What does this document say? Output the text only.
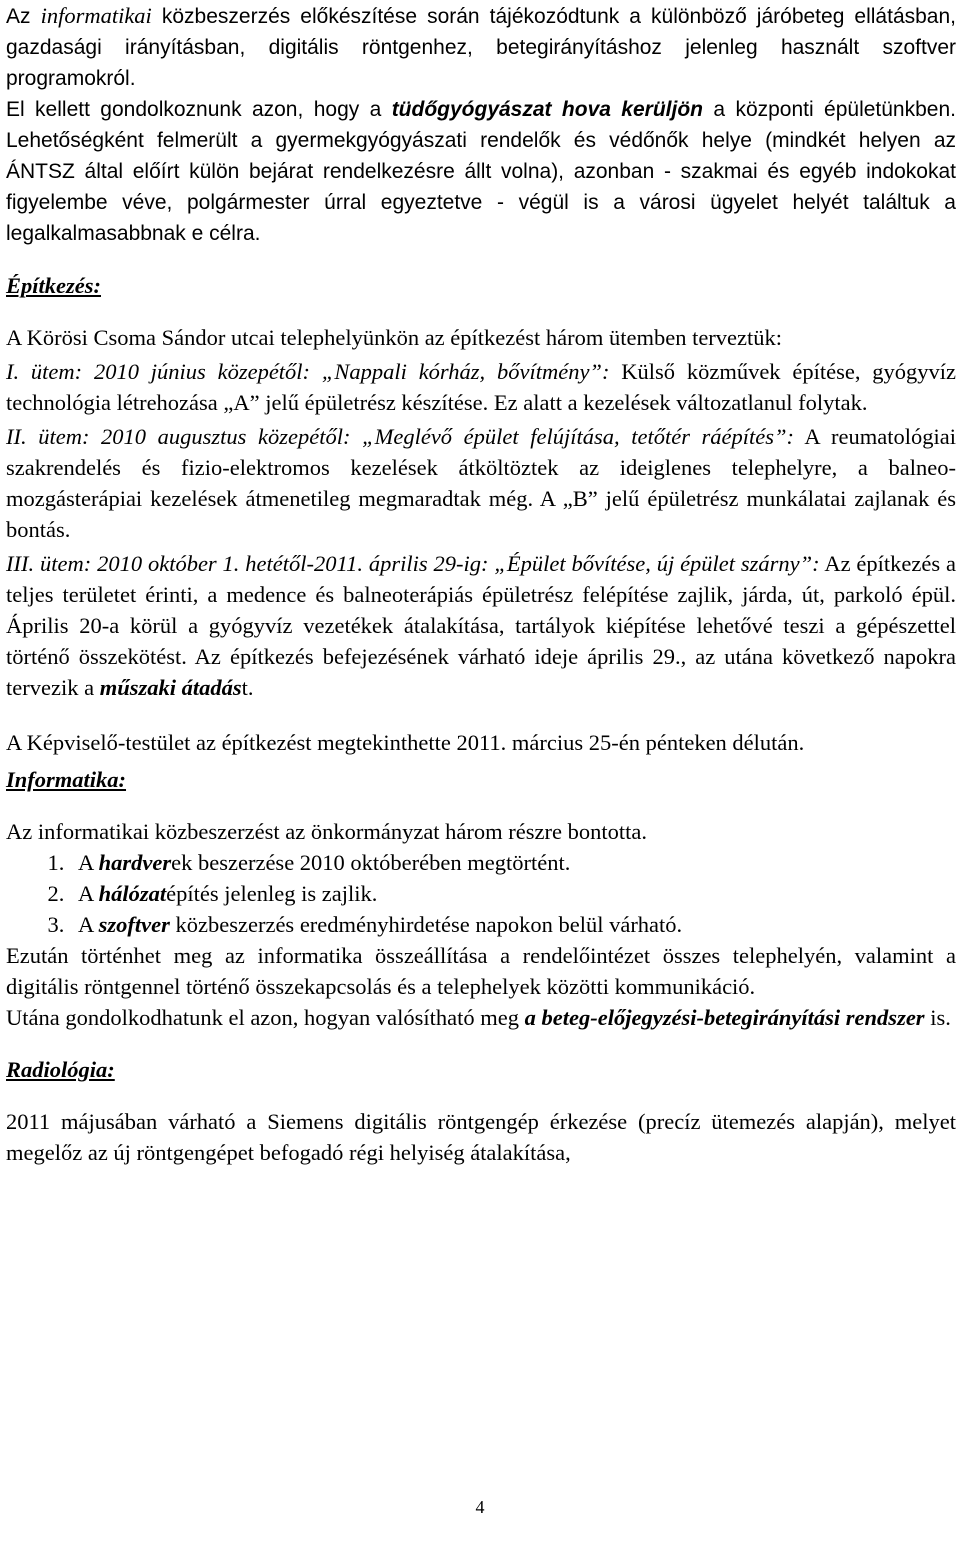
Az informatikai közbeszerzés előkészítése során tájékozódtunk a különböző járóbeteg ellátásban, gazdasági irányításban, digitális röntgenhez, betegirányításhoz jelenleg használt szoftver programokról.
El kellett gondolkoznunk azon, hogy a tüdőgyógyászat hova kerüljön a központi épületünkben. Lehetőségként felmerült a gyermekgyógyászati rendelők és védőnők helye (mindkét helyen az ÁNTSZ által előírt külön bejárat rendelkezésre állt volna), azonban - szakmai és egyéb indokokat figyelembe véve, polgármester úrral egyeztetve - végül is a városi ügyelet helyét találtuk a legalkalmasabbnak e célra.

Építkezés:

A Körösi Csoma Sándor utcai telephelyünkön az építkezést három ütemben terveztük:

I. ütem: 2010 június közepétől: „Nappali kórház, bővítmény”: Külső közművek építése, gyógyvíz technológia létrehozása „A” jelű épületrész készítése. Ez alatt a kezelések változatlanul folytak.

II. ütem: 2010 augusztus közepétől: „Meglévő épület felújítása, tetőtér ráépítés”: A reumatológiai szakrendelés és fizio-elektromos kezelések átköltöztek az ideiglenes telephelyre, a balneo-mozgásterápiai kezelések átmenetileg megmaradtak még. A „B” jelű épületrész munkálatai zajlanak és bontás.

III. ütem: 2010 október 1. hetétől-2011. április 29-ig: „Épület bővítése, új épület szárny”: Az építkezés a teljes területet érinti, a medence és balneoterápiás épületrész felépítése zajlik, járda, út, parkoló épül. Április 20-a körül a gyógyvíz vezetékek átalakítása, tartályok kiépítése lehetővé teszi a gépészettel történő összekötést. Az építkezés befejezésének várható ideje április 29., az utána következő napokra tervezik a műszaki átadást.

A Képviselő-testület az építkezést megtekinthette 2011. március 25-én pénteken délután.

Informatika:

Az informatikai közbeszerzést az önkormányzat három részre bontotta.

1. A hardverek beszerzése 2010 októberében megtörtént.
2. A hálózatépítés jelenleg is zajlik.
3. A szoftver közbeszerzés eredményhirdetése napokon belül várható.

Ezután történhet meg az informatika összeállítása a rendelőintézet összes telephelyén, valamint a digitális röntgennel történő összekapcsolás és a telephelyek közötti kommunikáció.

Utána gondolkodhatunk el azon, hogyan valósítható meg a beteg-előjegyzési-betegirányítási rendszer is.

Radiológia:

2011 májusában várható a Siemens digitális röntgengép érkezése (precíz ütemezés alapján), melyet megelőz az új röntgengépet befogadó régi helyiség átalakítása,

4
